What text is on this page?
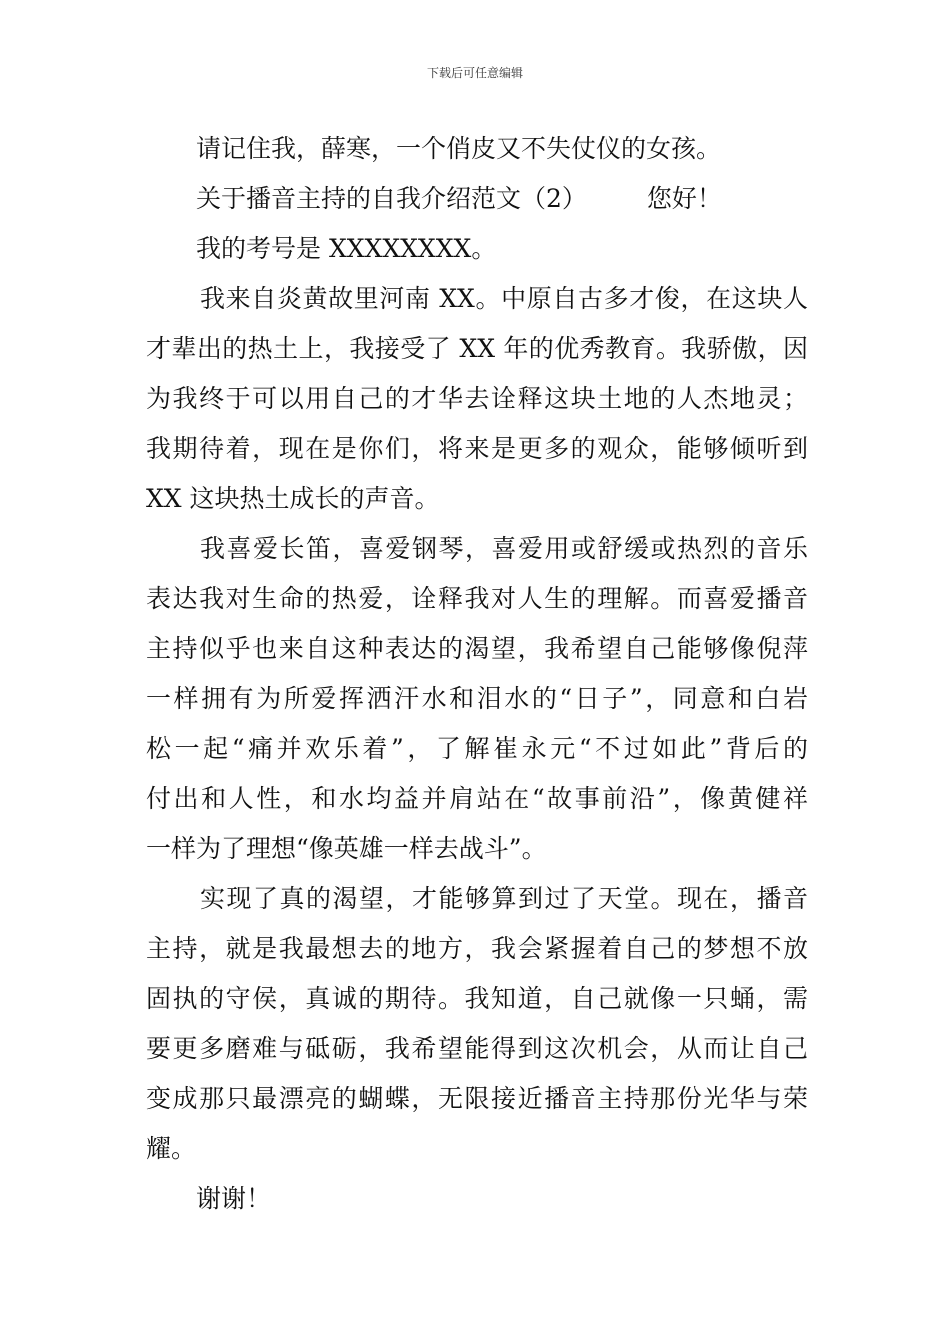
下载后可任意编辑
请记住我，薛寒，一个俏皮又不失仗仪的女孩。
关于播音主持的自我介绍范文（2） 您好！
我的考号是 XXXXXXXX。
我来自炎黄故里河南 XX。中原自古多才俊，在这块人
才辈出的热土上，我接受了 XX 年的优秀教育。我骄傲，因
为我终于可以用自己的才华去诠释这块土地的人杰地灵；
我期待着，现在是你们，将来是更多的观众，能够倾听到
XX 这块热土成长的声音。
我喜爱长笛，喜爱钢琴，喜爱用或舒缓或热烈的音乐
表达我对生命的热爱，诠释我对人生的理解。而喜爱播音
主持似乎也来自这种表达的渴望，我希望自己能够像倪萍
一样拥有为所爱挥洒汗水和泪水的“日子”，同意和白岩
松一起“痛并欢乐着”，了解崔永元“不过如此”背后的
付出和人性，和水均益并肩站在“故事前沿”，像黄健祥
一样为了理想“像英雄一样去战斗”。
实现了真的渴望，才能够算到过了天堂。现在，播音
主持，就是我最想去的地方，我会紧握着自己的梦想不放
固执的守侯，真诚的期待。我知道，自己就像一只蛹，需
要更多磨难与砥砺，我希望能得到这次机会，从而让自己
变成那只最漂亮的蝴蝶，无限接近播音主持那份光华与荣
耀。
谢谢！
